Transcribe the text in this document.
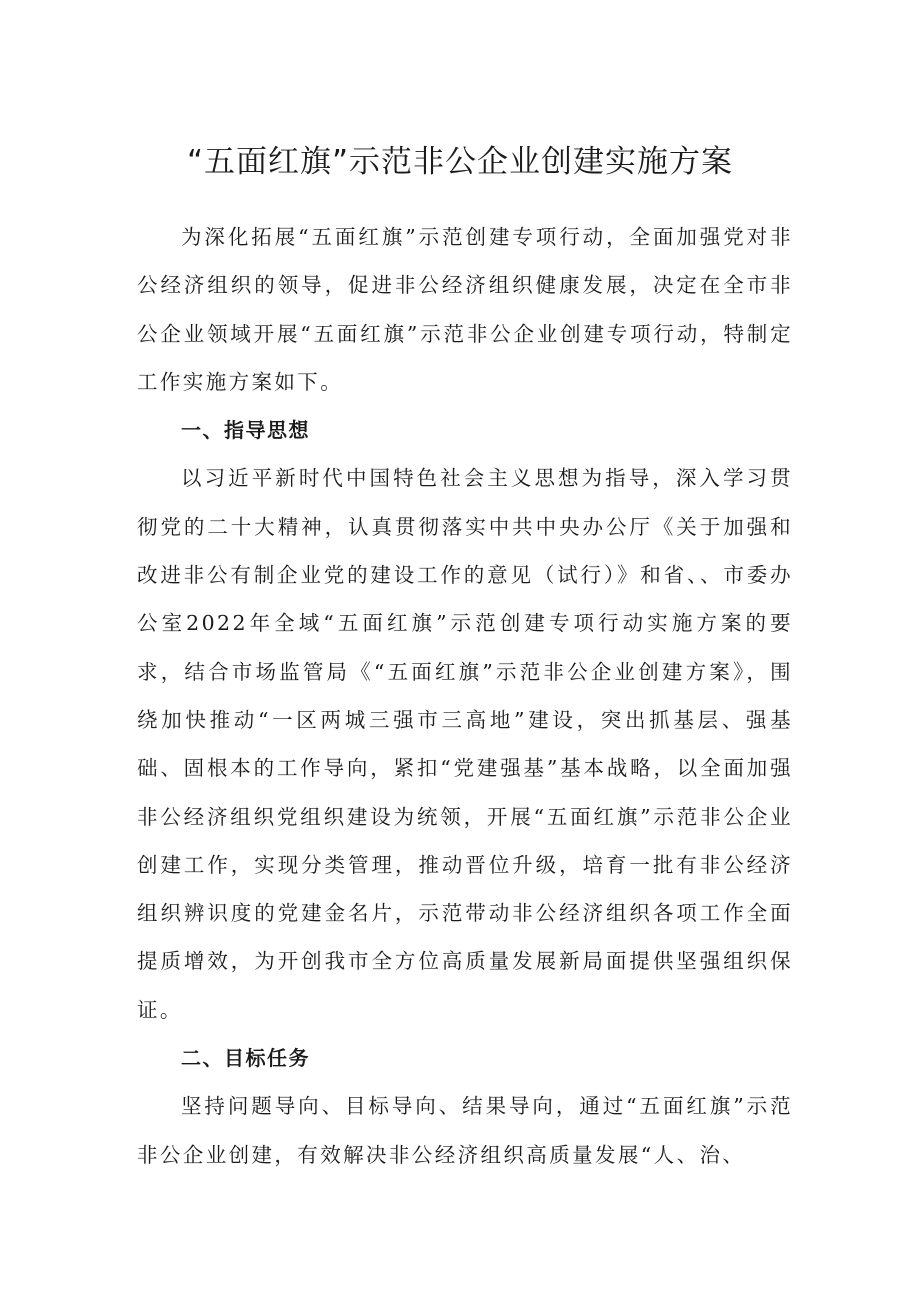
“五面红旗”示范非公企业创建实施方案

为深化拓展“五面红旗”示范创建专项行动，全面加强党对非公经济组织的领导，促进非公经济组织健康发展，决定在全市非公企业领域开展“五面红旗”示范非公企业创建专项行动，特制定工作实施方案如下。

一、指导思想

以习近平新时代中国特色社会主义思想为指导，深入学习贯彻党的二十大精神，认真贯彻落实中共中央办公厅《关于加强和改进非公有制企业党的建设工作的意见（试行）》和省、、市委办公室2022年全域“五面红旗”示范创建专项行动实施方案的要求，结合市场监管局《“五面红旗”示范非公企业创建方案》，围绕加快推动“一区两城三强市三高地”建设，突出抓基层、强基础、固根本的工作导向，紧扣“党建强基”基本战略，以全面加强非公经济组织党组织建设为统领，开展“五面红旗”示范非公企业创建工作，实现分类管理，推动晋位升级，培育一批有非公经济组织辨识度的党建金名片，示范带动非公经济组织各项工作全面提质增效，为开创我市全方位高质量发展新局面提供坚强组织保证。

二、目标任务

坚持问题导向、目标导向、结果导向，通过“五面红旗”示范非公企业创建，有效解决非公经济组织高质量发展“人、治、
